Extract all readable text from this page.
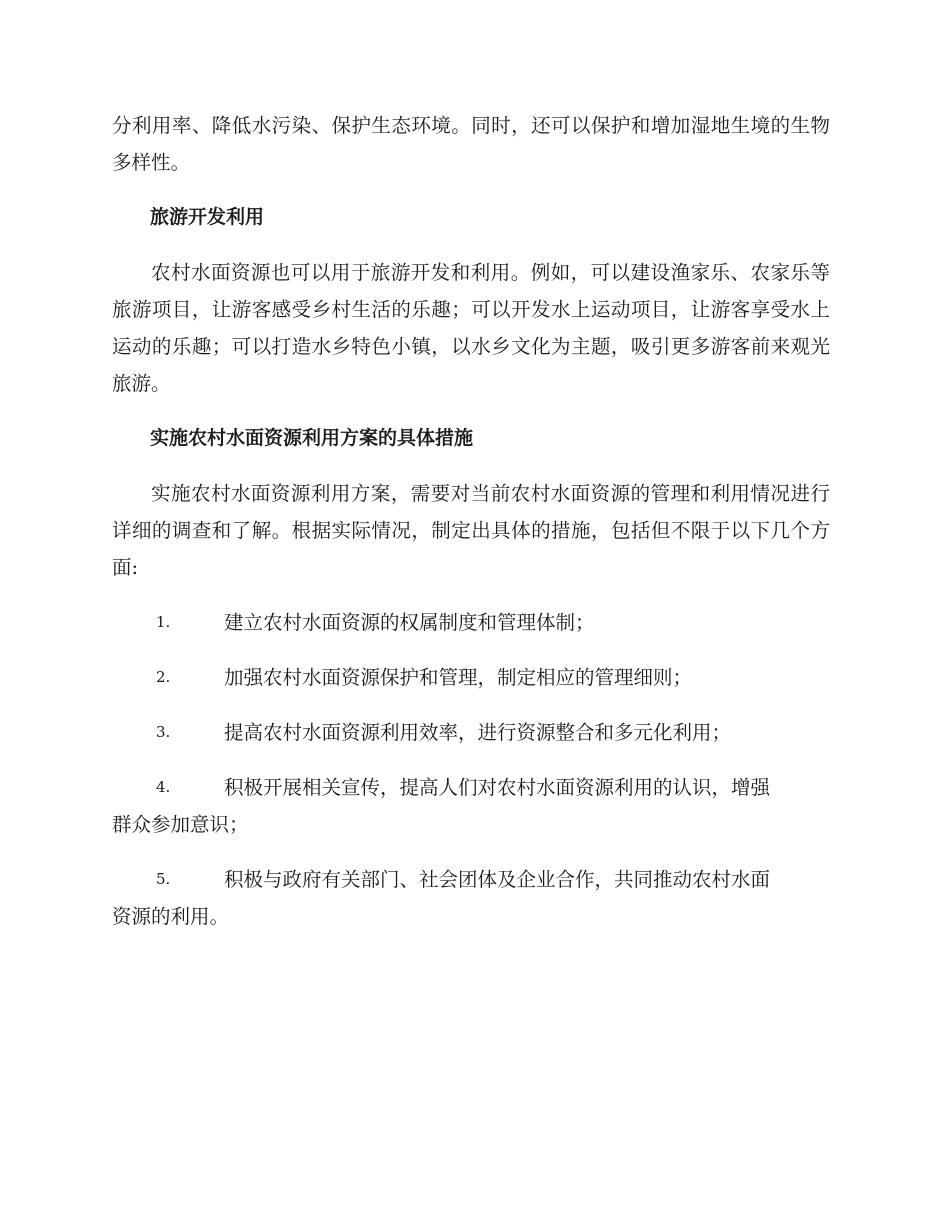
分利用率、降低水污染、保护生态环境。同时，还可以保护和增加湿地生境的生物多样性。

旅游开发利用

农村水面资源也可以用于旅游开发和利用。例如，可以建设渔家乐、农家乐等旅游项目，让游客感受乡村生活的乐趣；可以开发水上运动项目，让游客享受水上运动的乐趣；可以打造水乡特色小镇，以水乡文化为主题，吸引更多游客前来观光旅游。

实施农村水面资源利用方案的具体措施

实施农村水面资源利用方案，需要对当前农村水面资源的管理和利用情况进行详细的调查和了解。根据实际情况，制定出具体的措施，包括但不限于以下几个方面:

1.	建立农村水面资源的权属制度和管理体制；
2.	加强农村水面资源保护和管理，制定相应的管理细则；
3.	提高农村水面资源利用效率，进行资源整合和多元化利用；
4.	积极开展相关宣传，提高人们对农村水面资源利用的认识，增强
群众参加意识；
5.	积极与政府有关部门、社会团体及企业合作，共同推动农村水面
资源的利用。
